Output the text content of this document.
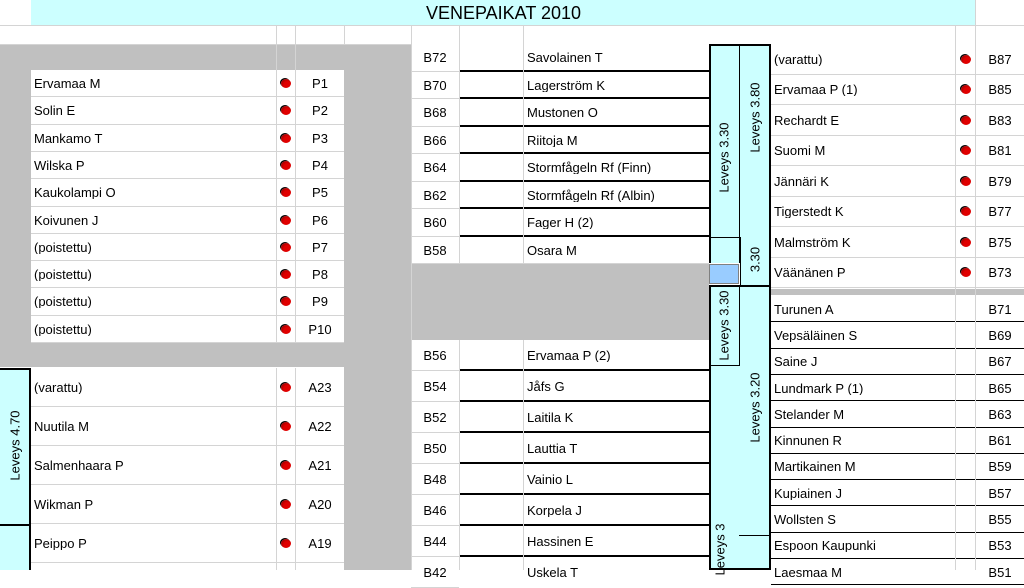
VENEPAIKAT 2010
Ervamaa M	P1
Solin E	P2
Mankamo T	P3
Wilska P	P4
Kaukolampi O	P5
Koivunen J	P6
(poistettu)	P7
(poistettu)	P8
(poistettu)	P9
(poistettu)	P10
Leveys 4.70
(varattu)	A23
Nuutila M	A22
Salmenhaara P	A21
Wikman P	A20
Peippo P	A19
B72	Savolainen T
B70	Lagerström K
B68	Mustonen O
B66	Riitoja M
B64	Stormfågeln Rf (Finn)
B62	Stormfågeln Rf (Albin)
B60	Fager H (2)
B58	Osara M
B56	Ervamaa P (2)
B54	Jåfs G
B52	Laitila K
B50	Lauttia T
B48	Vainio L
B46	Korpela J
B44	Hassinen E
B42	Uskela T
Leveys 3.30
Leveys 3.80
3.30
Leveys 3.30
Leveys 3.20
Leveys 3
(varattu)	B87
Ervamaa P (1)	B85
Rechardt E	B83
Suomi M	B81
Jännäri K	B79
Tigerstedt K	B77
Malmström K	B75
Väänänen P	B73
Turunen A	B71
Vepsäläinen S	B69
Saine J	B67
Lundmark P (1)	B65
Stelander M	B63
Kinnunen R	B61
Martikainen M	B59
Kupiainen J	B57
Wollsten S	B55
Espoon Kaupunki	B53
Laesmaa M	B51
